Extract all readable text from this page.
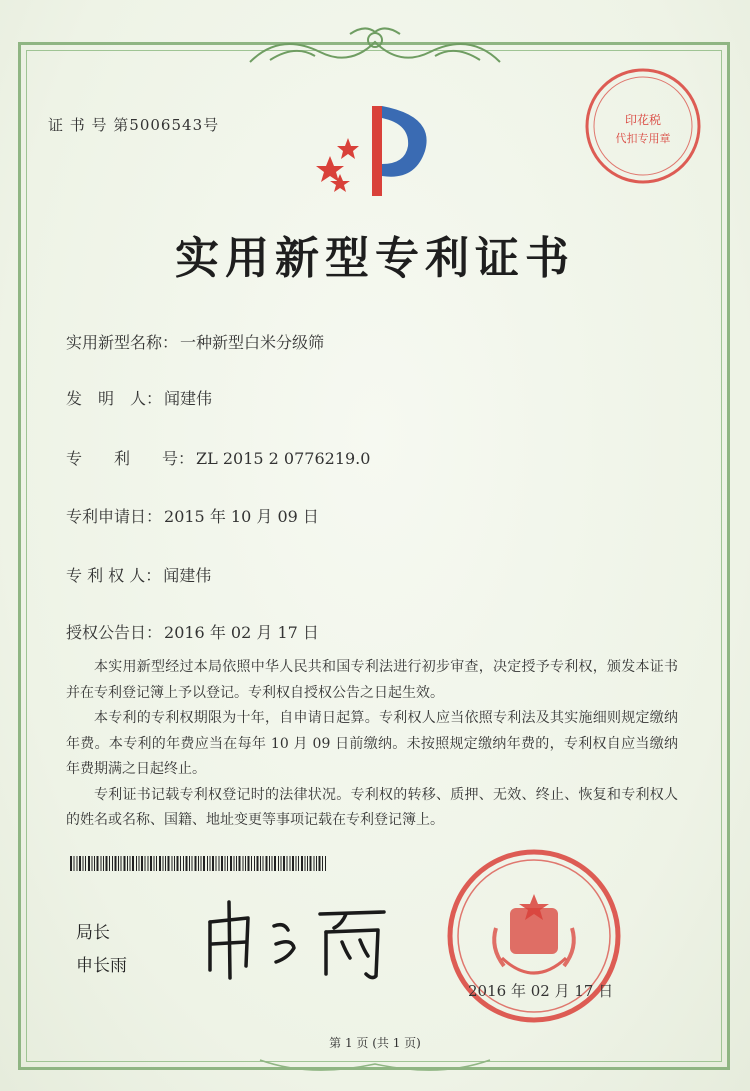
证 书 号 第5006543号
实用新型专利证书
实用新型名称： 一种新型白米分级筛
发　明　人： 闻建伟
专　　利　　号： ZL 2015 2 0776219.0
专利申请日： 2015 年 10 月 09 日
专 利 权 人： 闻建伟
授权公告日： 2016 年 02 月 17 日

本实用新型经过本局依照中华人民共和国专利法进行初步审查，决定授予专利权，颁发本证书并在专利登记簿上予以登记。专利权自授权公告之日起生效。

本专利的专利权期限为十年，自申请日起算。专利权人应当依照专利法及其实施细则规定缴纳年费。本专利的年费应当在每年 10 月 09 日前缴纳。未按照规定缴纳年费的，专利权自应当缴纳年费期满之日起终止。

专利证书记载专利权登记时的法律状况。专利权的转移、质押、无效、终止、恢复和专利权人的姓名或名称、国籍、地址变更等事项记载在专利登记簿上。

局长
申长雨
2016 年 02 月 17 日
印花税
代扣专用章
第 1 页 (共 1 页)
